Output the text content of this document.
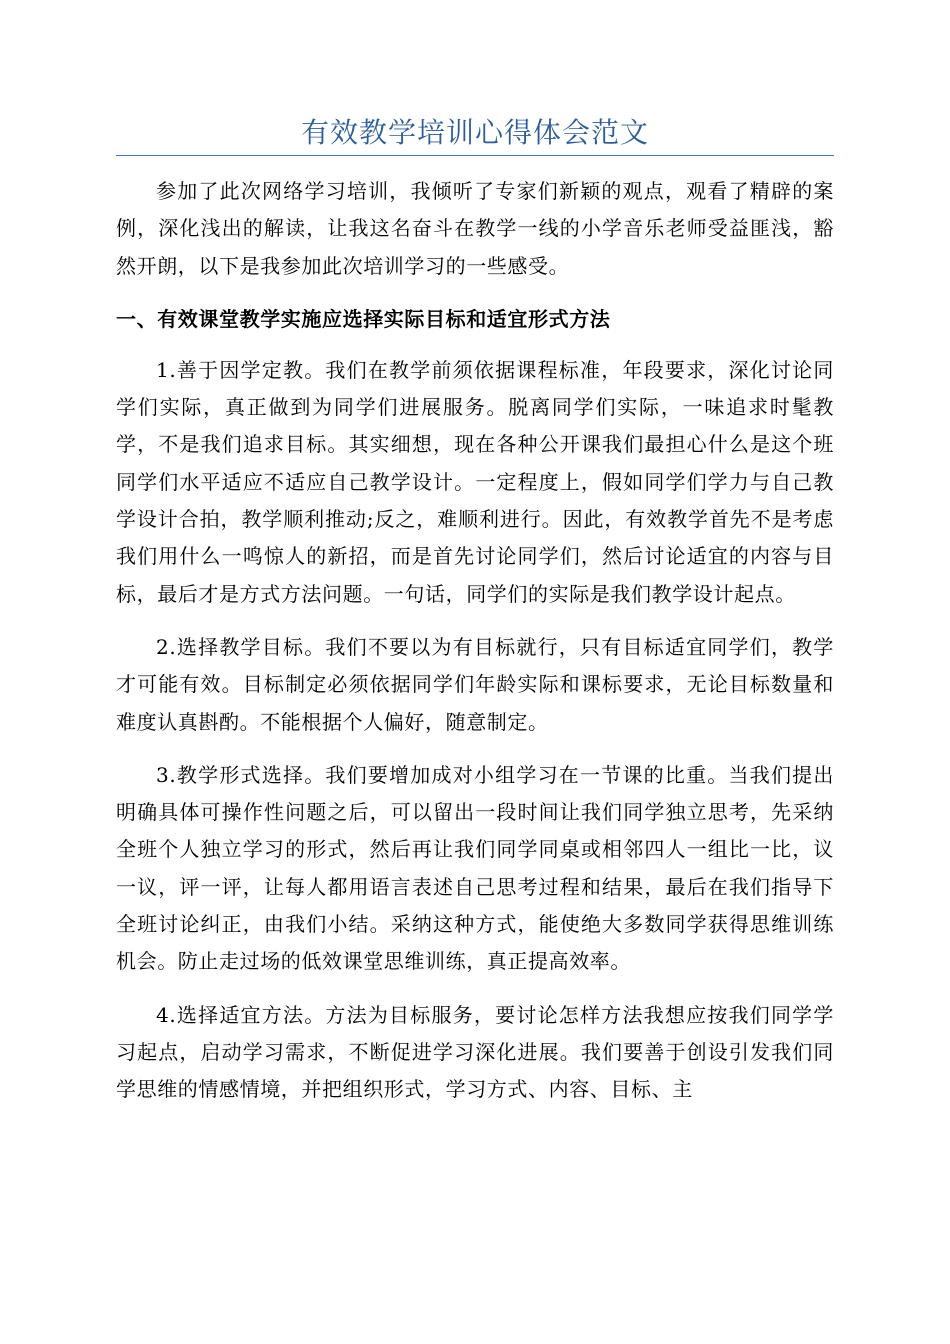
有效教学培训心得体会范文

参加了此次网络学习培训，我倾听了专家们新颖的观点，观看了精辟的案例，深化浅出的解读，让我这名奋斗在教学一线的小学音乐老师受益匪浅，豁然开朗，以下是我参加此次培训学习的一些感受。

一、有效课堂教学实施应选择实际目标和适宜形式方法

1.善于因学定教。我们在教学前须依据课程标准，年段要求，深化讨论同学们实际，真正做到为同学们进展服务。脱离同学们实际，一味追求时髦教学，不是我们追求目标。其实细想，现在各种公开课我们最担心什么是这个班同学们水平适应不适应自己教学设计。一定程度上，假如同学们学力与自己教学设计合拍，教学顺利推动;反之，难顺利进行。因此，有效教学首先不是考虑我们用什么一鸣惊人的新招，而是首先讨论同学们，然后讨论适宜的内容与目标，最后才是方式方法问题。一句话，同学们的实际是我们教学设计起点。

2.选择教学目标。我们不要以为有目标就行，只有目标适宜同学们，教学才可能有效。目标制定必须依据同学们年龄实际和课标要求，无论目标数量和难度认真斟酌。不能根据个人偏好，随意制定。

3.教学形式选择。我们要增加成对小组学习在一节课的比重。当我们提出明确具体可操作性问题之后，可以留出一段时间让我们同学独立思考，先采纳全班个人独立学习的形式，然后再让我们同学同桌或相邻四人一组比一比，议一议，评一评，让每人都用语言表述自己思考过程和结果，最后在我们指导下全班讨论纠正，由我们小结。采纳这种方式，能使绝大多数同学获得思维训练机会。防止走过场的低效课堂思维训练，真正提高效率。

4.选择适宜方法。方法为目标服务，要讨论怎样方法我想应按我们同学学习起点，启动学习需求，不断促进学习深化进展。我们要善于创设引发我们同学思维的情感情境，并把组织形式，学习方式、内容、目标、主
